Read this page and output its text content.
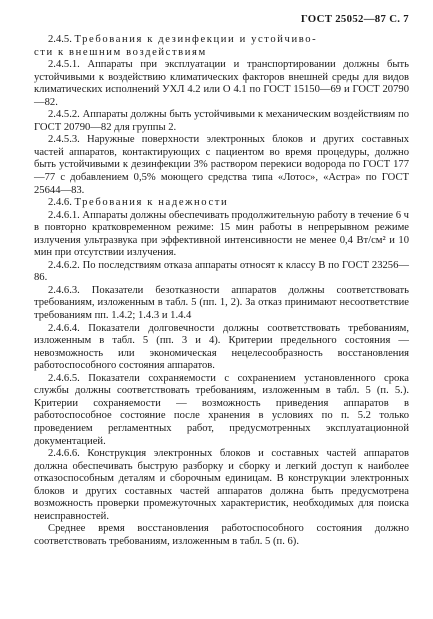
ГОСТ 25052—87 С. 7

2.4.5. Требования к дезинфекции и устойчиво-
сти к внешним воздействиям

2.4.5.1. Аппараты при эксплуатации и транспортировании должны быть устойчивыми к воздействию климатических факторов внешней среды для видов климатических исполнений УХЛ 4.2 или О 4.1 по ГОСТ 15150—69 и ГОСТ 20790—82.

2.4.5.2. Аппараты должны быть устойчивыми к механическим воздействиям по ГОСТ 20790—82 для группы 2.

2.4.5.3. Наружные поверхности электронных блоков и других составных частей аппаратов, контактирующих с пациентом во время процедуры, должно быть устойчивыми к дезинфекции 3% раствором перекиси водорода по ГОСТ 177—77 с добавлением 0,5% моющего средства типа «Лотос», «Астра» по ГОСТ 25644—83.

2.4.6. Требования к надежности

2.4.6.1. Аппараты должны обеспечивать продолжительную работу в течение 6 ч в повторно кратковременном режиме: 15 мин работы в непрерывном режиме излучения ультразвука при эффективной интенсивности не менее 0,4 Вт/см² и 10 мин при отсутствии излучения.

2.4.6.2. По последствиям отказа аппараты относят к классу В по ГОСТ 23256—86.

2.4.6.3. Показатели безотказности аппаратов должны соответствовать требованиям, изложенным в табл. 5 (пп. 1, 2). За отказ принимают несоответствие требованиям пп. 1.4.2; 1.4.3 и 1.4.4

2.4.6.4. Показатели долговечности должны соответствовать требованиям, изложенным в табл. 5 (пп. 3 и 4). Критерии предельного состояния — невозможность или экономическая нецелесообразность восстановления работоспособного состояния аппаратов.

2.4.6.5. Показатели сохраняемости с сохранением установленного срока службы должны соответствовать требованиям, изложенным в табл. 5 (п. 5.). Критерии сохраняемости — возможность приведения аппаратов в работоспособное состояние после хранения в условиях по п. 5.2 только проведением регламентных работ, предусмотренных эксплуатационной документацией.

2.4.6.6. Конструкция электронных блоков и составных частей аппаратов должна обеспечивать быструю разборку и сборку и легкий доступ к наиболее отказоспособным деталям и сборочным единицам. В конструкции электронных блоков и других составных частей аппаратов должна быть предусмотрена возможность проверки промежуточных характеристик, необходимых для поиска неисправностей.

Среднее время восстановления работоспособного состояния должно соответствовать требованиям, изложенным в табл. 5 (п. 6).
